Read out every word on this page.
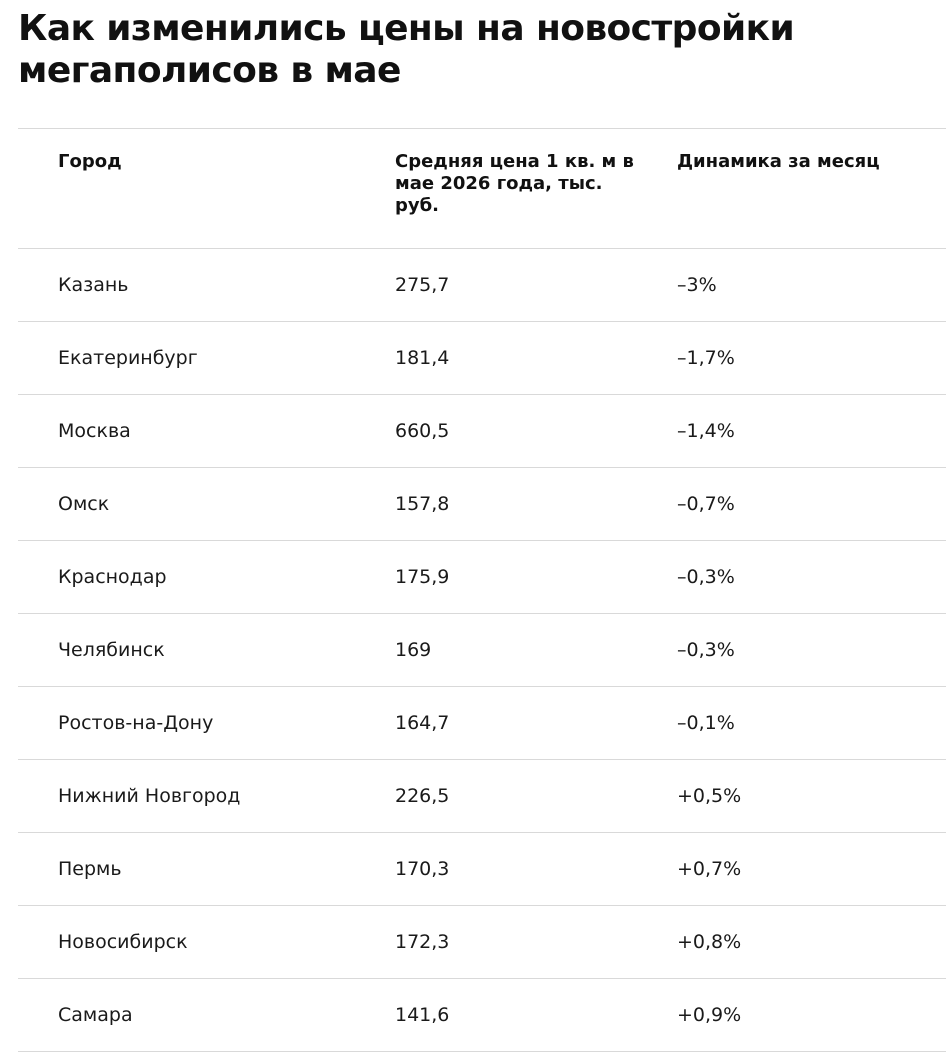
Как изменились цены на новостройки мегаполисов в мае
Город	Средняя цена 1 кв. м в мае 2026 года, тыс. руб.	Динамика за месяц
Казань	275,7	–3%
Екатеринбург	181,4	–1,7%
Москва	660,5	–1,4%
Омск	157,8	–0,7%
Краснодар	175,9	–0,3%
Челябинск	169	–0,3%
Ростов-на-Дону	164,7	–0,1%
Нижний Новгород	226,5	+0,5%
Пермь	170,3	+0,7%
Новосибирск	172,3	+0,8%
Самара	141,6	+0,9%
